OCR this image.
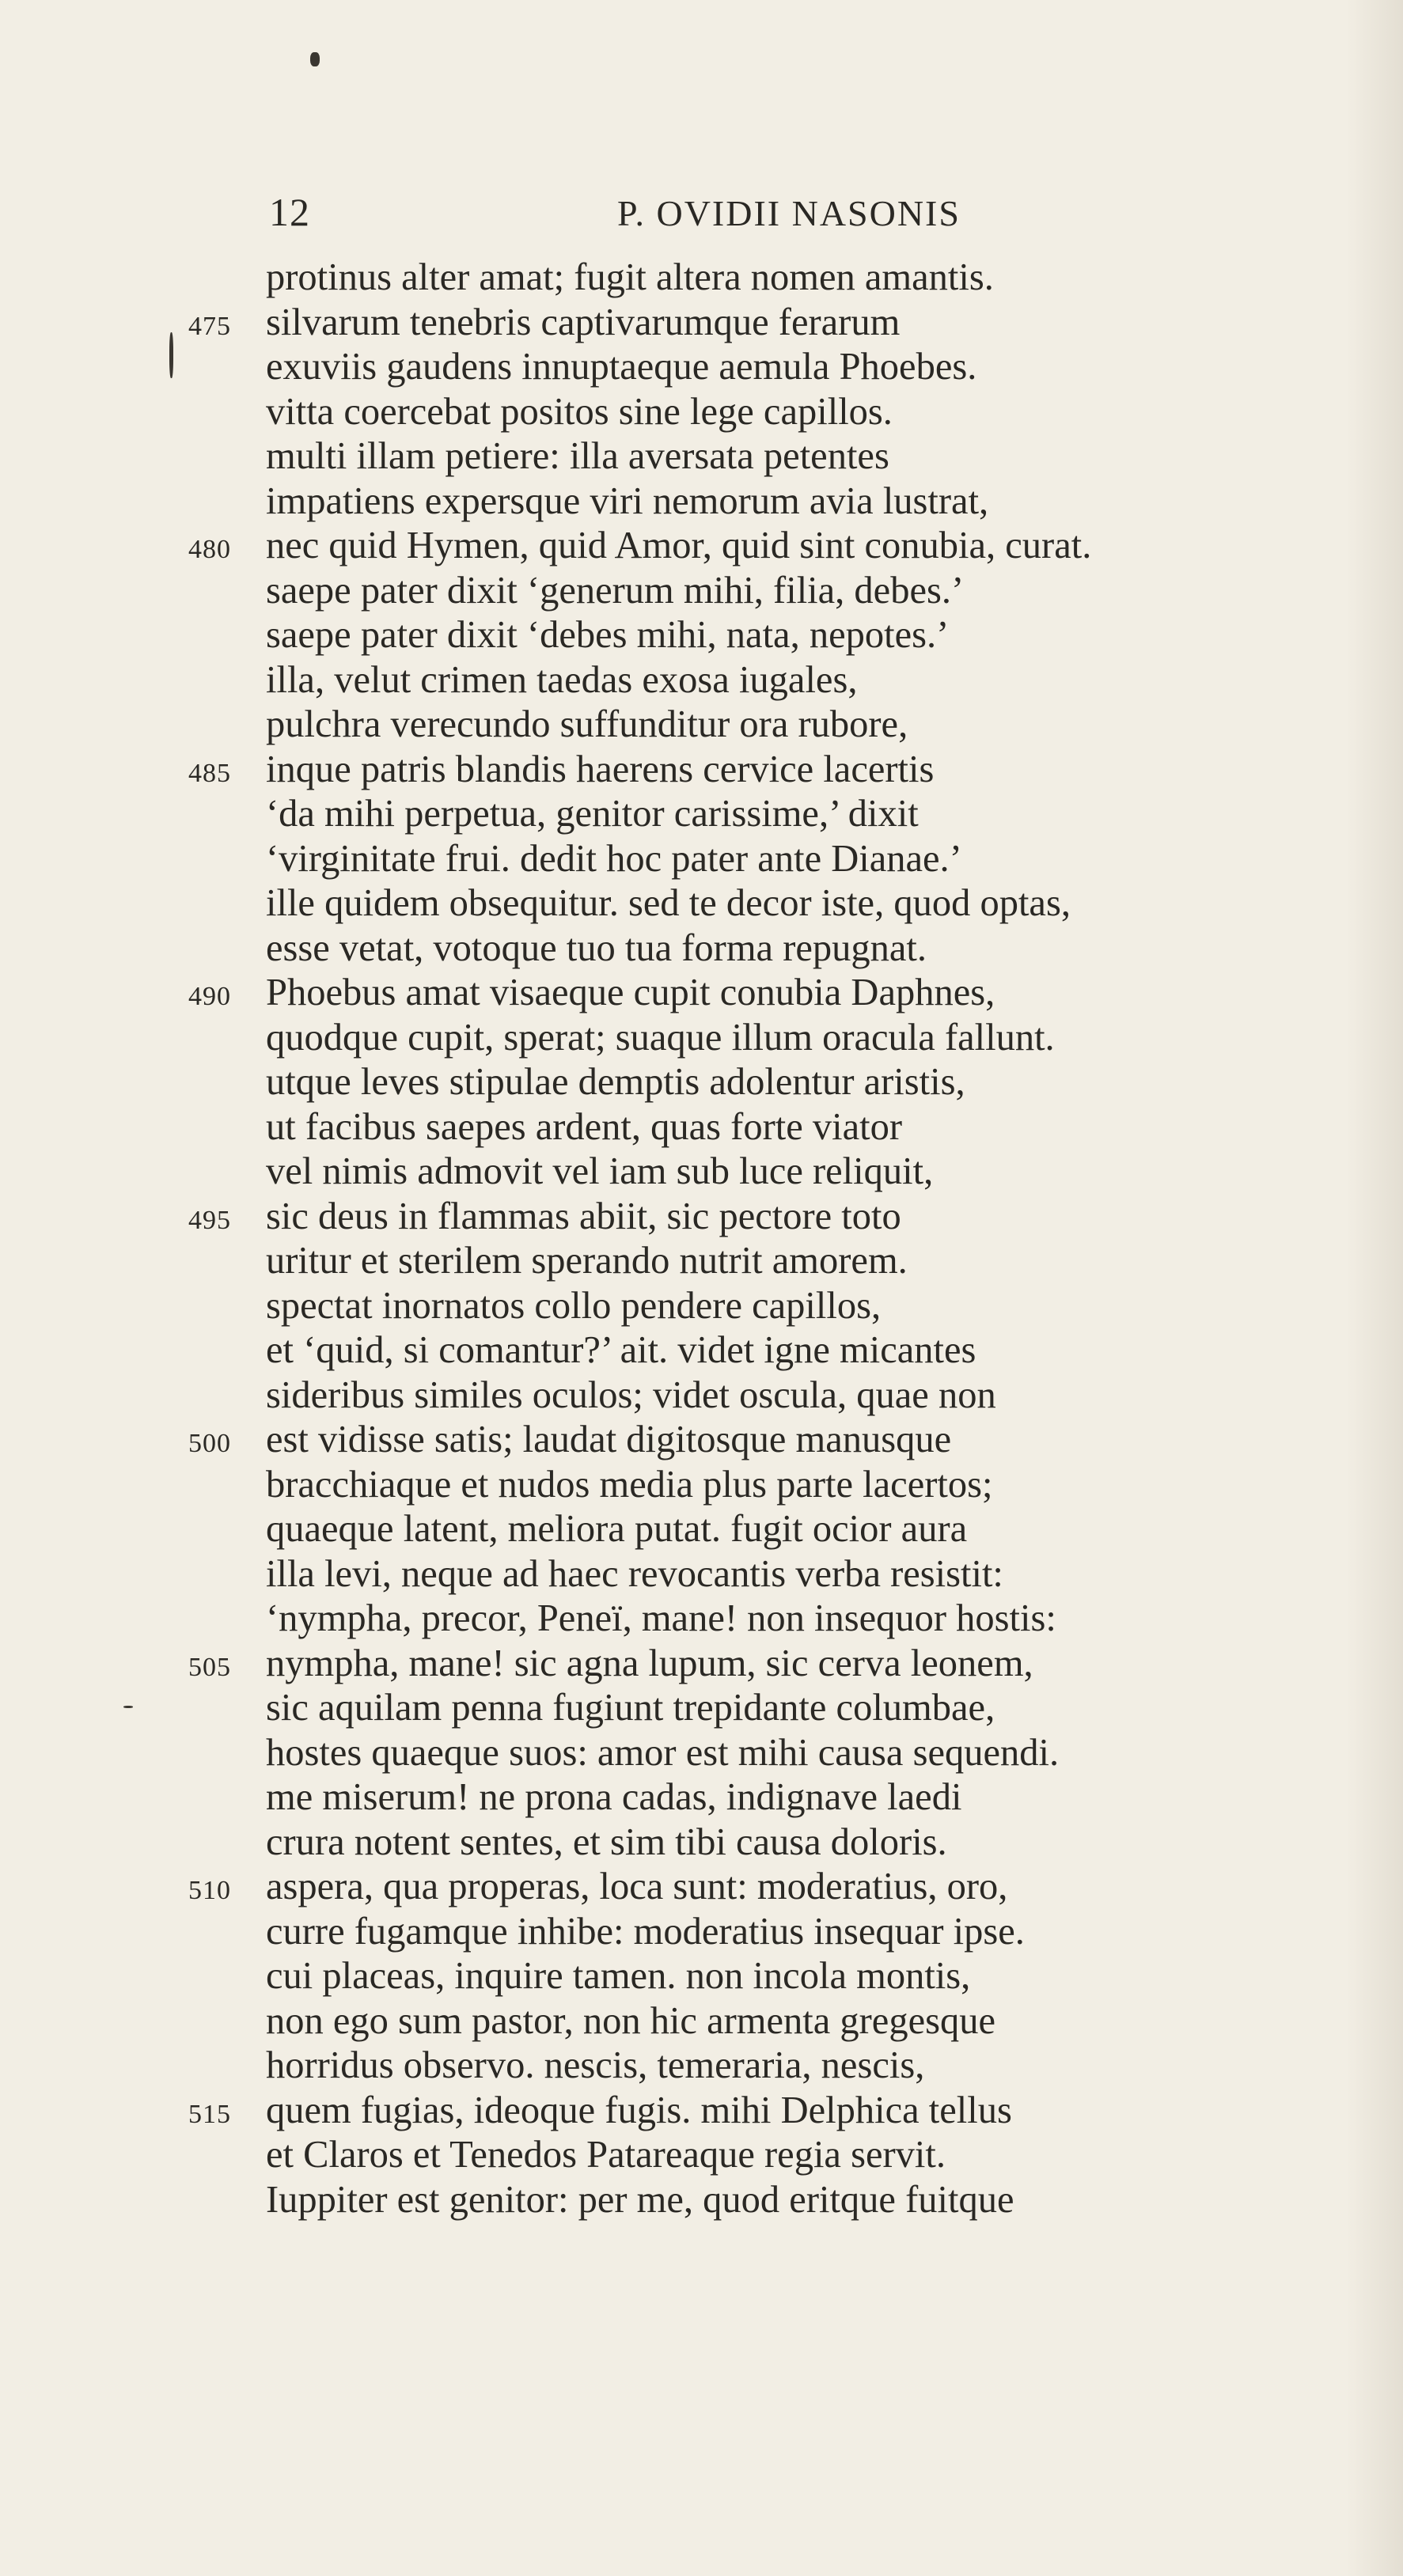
12	P. OVIDII NASONIS
protinus alter amat; fugit altera nomen amantis.
475 silvarum tenebris captivarumque ferarum
exuviis gaudens innuptaeque aemula Phoebes.
vitta coercebat positos sine lege capillos.
multi illam petiere: illa aversata petentes
impatiens expersque viri nemorum avia lustrat,
480 nec quid Hymen, quid Amor, quid sint conubia, curat.
saepe pater dixit ‘generum mihi, filia, debes.’
saepe pater dixit ‘debes mihi, nata, nepotes.’
illa, velut crimen taedas exosa iugales,
pulchra verecundo suffunditur ora rubore,
485 inque patris blandis haerens cervice lacertis
‘da mihi perpetua, genitor carissime,’ dixit
‘virginitate frui. dedit hoc pater ante Dianae.’
ille quidem obsequitur. sed te decor iste, quod optas,
esse vetat, votoque tuo tua forma repugnat.
490 Phoebus amat visaeque cupit conubia Daphnes,
quodque cupit, sperat; suaque illum oracula fallunt.
utque leves stipulae demptis adolentur aristis,
ut facibus saepes ardent, quas forte viator
vel nimis admovit vel iam sub luce reliquit,
495 sic deus in flammas abiit, sic pectore toto
uritur et sterilem sperando nutrit amorem.
spectat inornatos collo pendere capillos,
et ‘quid, si comantur?’ ait. videt igne micantes
sideribus similes oculos; videt oscula, quae non
500 est vidisse satis; laudat digitosque manusque
bracchiaque et nudos media plus parte lacertos;
quaeque latent, meliora putat. fugit ocior aura
illa levi, neque ad haec revocantis verba resistit:
‘nympha, precor, Peneï, mane! non insequor hostis:
505 nympha, mane! sic agna lupum, sic cerva leonem,
sic aquilam penna fugiunt trepidante columbae,
hostes quaeque suos: amor est mihi causa sequendi.
me miserum! ne prona cadas, indignave laedi
crura notent sentes, et sim tibi causa doloris.
510 aspera, qua properas, loca sunt: moderatius, oro,
curre fugamque inhibe: moderatius insequar ipse.
cui placeas, inquire tamen. non incola montis,
non ego sum pastor, non hic armenta gregesque
horridus observo. nescis, temeraria, nescis,
515 quem fugias, ideoque fugis. mihi Delphica tellus
et Claros et Tenedos Patareaque regia servit.
Iuppiter est genitor: per me, quod eritque fuitque
